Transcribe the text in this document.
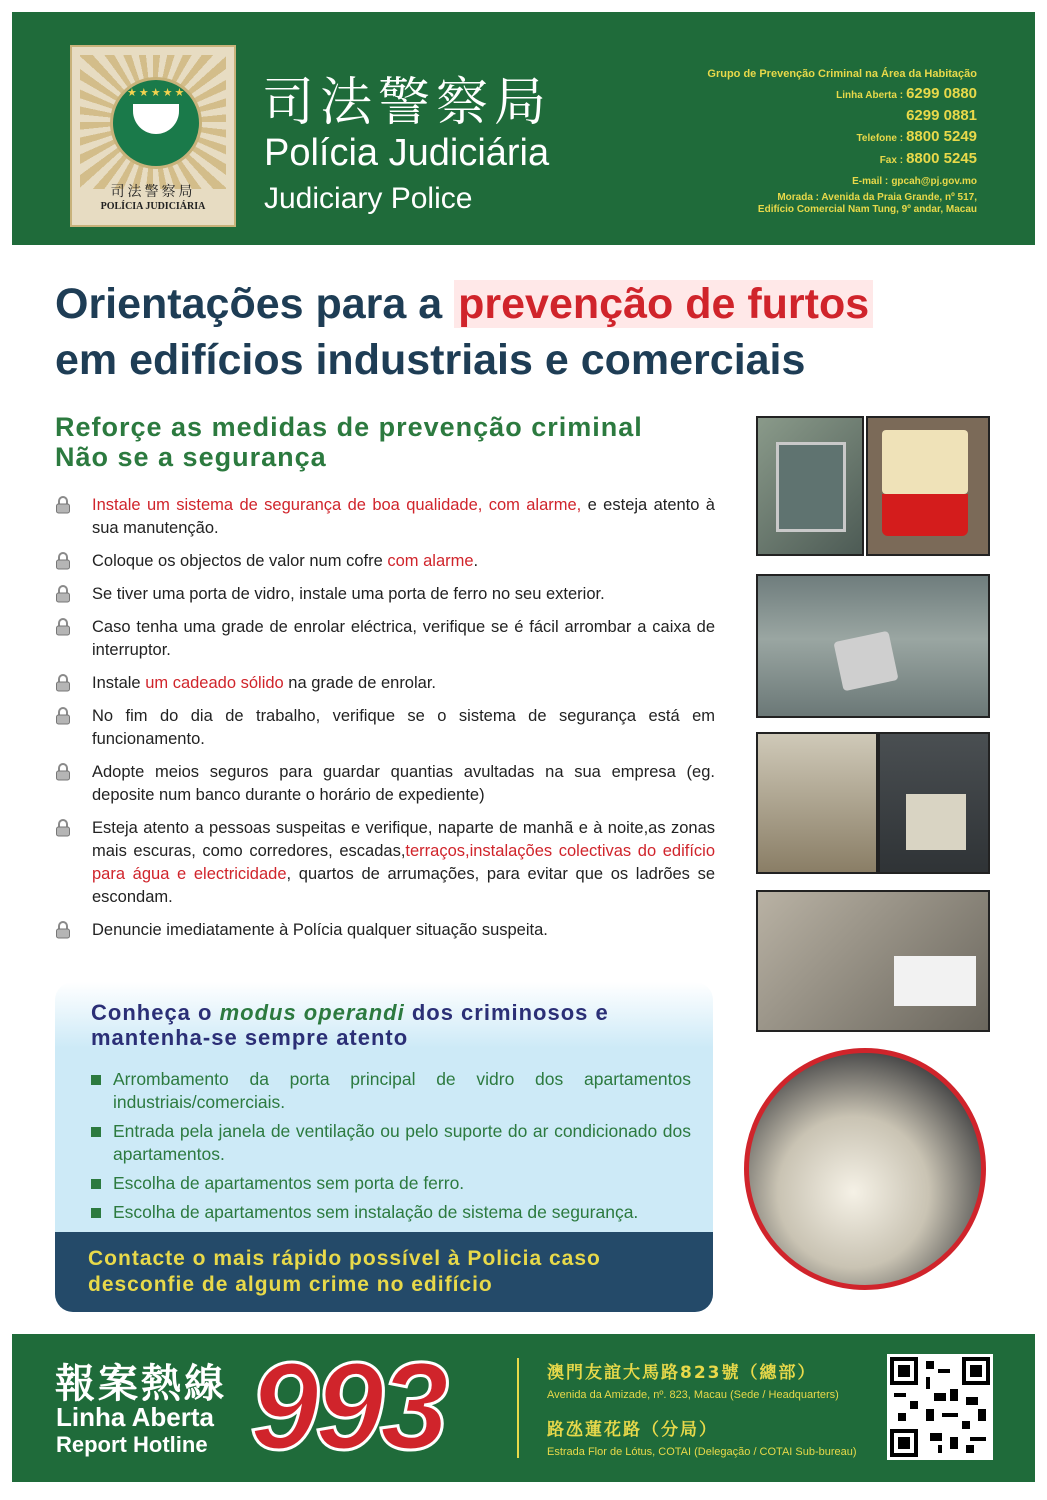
★★★★★
司法警察局
POLÍCIA JUDICIÁRIA
司法警察局
Polícia Judiciária
Judiciary Police
Grupo de Prevenção Criminal na Área da Habitação
Linha Aberta : 6299 0880
6299 0881
Telefone : 8800 5249
Fax : 8800 5245
E-mail : gpcah@pj.gov.mo
Morada : Avenida da Praia Grande, nº 517,
Edifício Comercial Nam Tung, 9º andar, Macau
Orientações para a prevenção de furtos
em edifícios industriais e comerciais
Reforçe as medidas de prevenção criminal
Não se a segurança
Instale um sistema de segurança de boa qualidade, com alarme, e esteja atento à sua manutenção.
Coloque os objectos de valor num cofre com alarme.
Se tiver uma porta de vidro, instale uma porta de ferro no seu exterior.
Caso tenha uma grade de enrolar eléctrica, verifique se é fácil arrombar a caixa de interruptor.
Instale um cadeado sólido na grade de enrolar.
No fim do dia de trabalho, verifique se o sistema de segurança está em funcionamento.
Adopte meios seguros para guardar quantias avultadas na sua empresa (eg. deposite num banco durante o horário de expediente)
Esteja atento a pessoas suspeitas e verifique, naparte de manhã e à noite,as zonas mais escuras, como corredores, escadas,terraços,instalações colectivas do edifício para água e electricidade, quartos de arrumações, para evitar que os ladrões se escondam.
Denuncie imediatamente à Polícia qualquer situação suspeita.
Conheça o modus operandi dos criminosos e
mantenha-se sempre atento
Arrombamento da porta principal de vidro dos apartamentos industriais/comerciais.
Entrada pela janela de ventilação ou pelo suporte do ar condicionado dos apartamentos.
Escolha de apartamentos sem porta de ferro.
Escolha de apartamentos sem instalação de sistema de segurança.
Contacte o mais rápido possível à Policia caso
desconfie de algum crime no edifício
報案熱線
Linha Aberta
Report Hotline 993	澳門友誼大馬路823號（總部）
Avenida da Amizade, nº. 823, Macau (Sede / Headquarters)
路氹蓮花路（分局）
Estrada Flor de Lótus, COTAI (Delegação / COTAI Sub-bureau)
